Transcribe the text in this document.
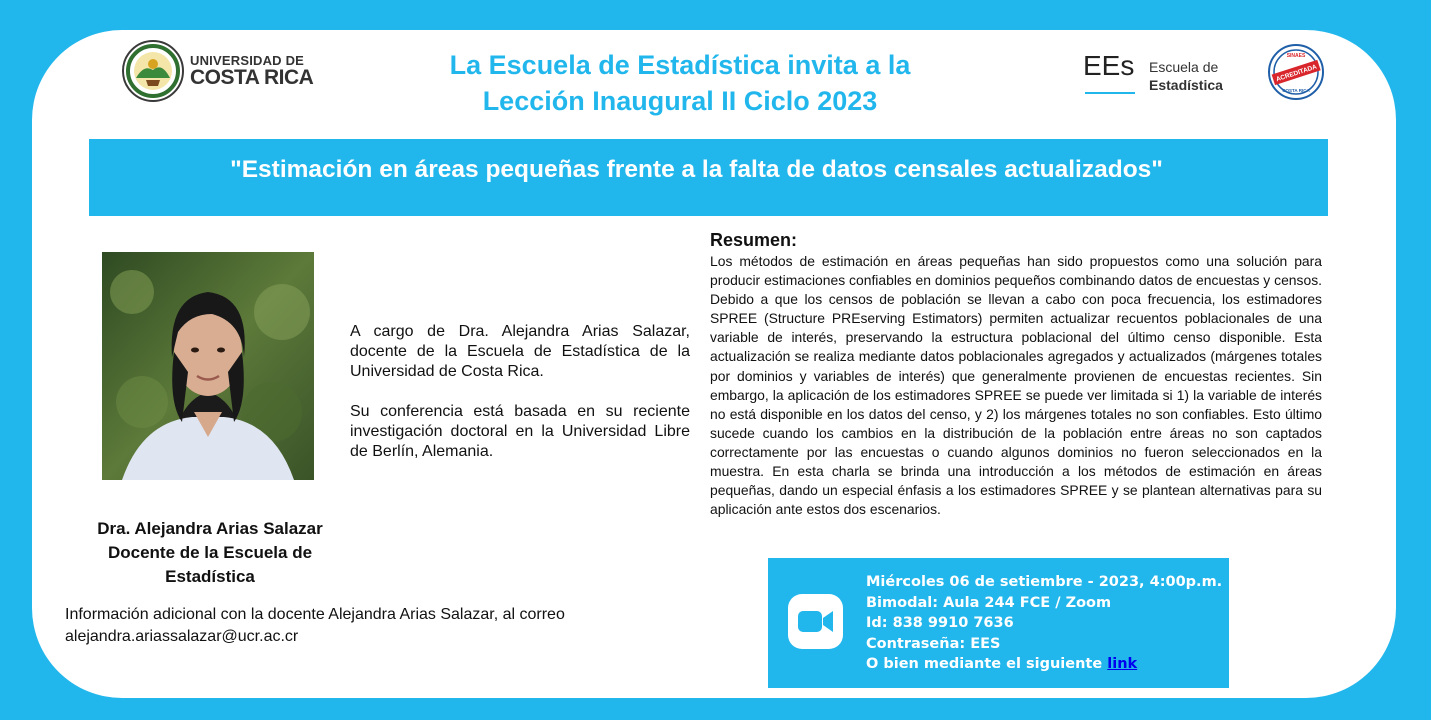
UNIVERSIDAD DE
COSTA RICA	La Escuela de Estadística invita a la
Lección Inaugural II Ciclo 2023
EEs Escuela de
Estadística
SINAES
ACREDITADA
COSTA RICA
"Estimación en áreas pequeñas frente a la falta de datos censales actualizados"
Dra. Alejandra Arias Salazar
Docente de la Escuela de
Estadística

A cargo de Dra. Alejandra Arias Salazar, docente de la Escuela de Estadística de la Universidad de Costa Rica.

Su conferencia está basada en su reciente investigación doctoral en la Universidad Libre de Berlín, Alemania.

Información adicional con la docente Alejandra Arias Salazar, al correo
alejandra.ariassalazar@ucr.ac.cr
Resumen:
Los métodos de estimación en áreas pequeñas han sido propuestos como una solución para producir estimaciones confiables en dominios pequeños combinando datos de encuestas y censos. Debido a que los censos de población se llevan a cabo con poca frecuencia, los estimadores SPREE (Structure PREserving Estimators) permiten actualizar recuentos poblacionales de una variable de interés, preservando la estructura poblacional del último censo disponible. Esta actualización se realiza mediante datos poblacionales agregados y actualizados (márgenes totales por dominios y variables de interés) que generalmente provienen de encuestas recientes. Sin embargo, la aplicación de los estimadores SPREE se puede ver limitada si 1) la variable de interés no está disponible en los datos del censo, y 2) los márgenes totales no son confiables. Esto último sucede cuando los cambios en la distribución de la población entre áreas no son captados correctamente por las encuestas o cuando algunos dominios no fueron seleccionados en la muestra. En esta charla se brinda una introducción a los métodos de estimación en áreas pequeñas, dando un especial énfasis a los estimadores SPREE y se plantean alternativas para su aplicación ante estos dos escenarios.
Miércoles 06 de setiembre - 2023, 4:00p.m.
Bimodal: Aula 244 FCE / Zoom
Id: 838 9910 7636
Contraseña: EES
O bien mediante el siguiente link
